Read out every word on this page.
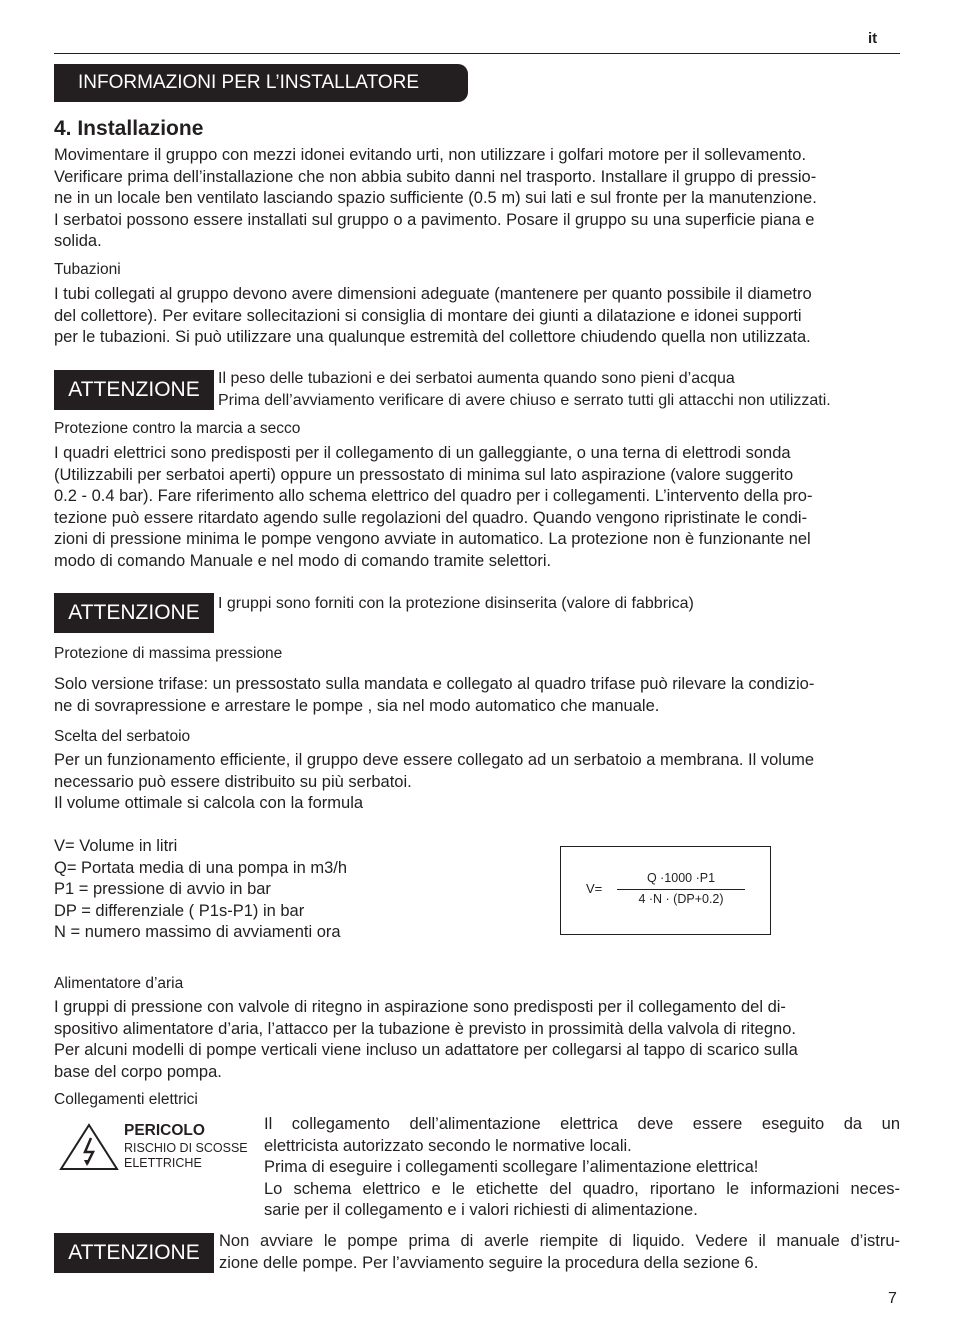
it
INFORMAZIONI PER L’INSTALLATORE
4. Installazione

Movimentare il gruppo con mezzi idonei evitando urti, non utilizzare i golfari motore per il sollevamento.

Verificare prima dell’installazione che non abbia subito danni nel trasporto. Installare il gruppo di pressio-

ne in un locale ben ventilato lasciando spazio sufficiente (0.5 m) sui lati e sul fronte per la manutenzione.

I serbatoi possono essere installati sul gruppo o a pavimento. Posare il gruppo su una superficie piana e

solida.

Tubazioni

I tubi collegati al gruppo devono avere dimensioni adeguate (mantenere per quanto possibile il diametro

del collettore). Per evitare sollecitazioni si consiglia di montare dei giunti a dilatazione e idonei supporti

per le tubazioni. Si può utilizzare una qualunque estremità del collettore chiudendo quella non utilizzata.

ATTENZIONE	Il peso delle tubazioni e dei serbatoi aumenta quando sono pieni d’acqua

Prima dell’avviamento verificare di avere chiuso e serrato tutti gli attacchi non utilizzati.

Protezione contro la marcia a secco

I quadri elettrici sono predisposti per il collegamento di un galleggiante, o una terna di elettrodi sonda

(Utilizzabili per serbatoi aperti) oppure un pressostato di minima sul lato aspirazione (valore suggerito

0.2 - 0.4 bar). Fare riferimento allo schema elettrico del quadro per i collegamenti. L’intervento della pro-

tezione può essere ritardato agendo sulle regolazioni del quadro. Quando vengono ripristinate le condi-

zioni di pressione minima le pompe vengono avviate in automatico. La protezione non è funzionante nel

modo di comando Manuale e nel modo di comando tramite selettori.

ATTENZIONE	I gruppi sono forniti con la protezione disinserita (valore di fabbrica)
Protezione di massima pressione

Solo versione trifase: un pressostato sulla mandata e collegato al quadro trifase può rilevare la condizio-

ne di sovrapressione e arrestare le pompe , sia nel modo automatico che manuale.

Scelta del serbatoio

Per un funzionamento efficiente, il gruppo deve essere collegato ad un serbatoio a membrana. Il volume

necessario può essere distribuito su più serbatoi.

Il volume ottimale si calcola con la formula

V= Volume in litri

Q= Portata media di una pompa in m3/h

P1 = pressione di avvio in bar

DP = differenziale ( P1s-P1) in bar

N = numero massimo di avviamenti ora

V=
Q ·1000 ·P1
4 ·N · (DP+0.2)
Alimentatore d’aria

I gruppi di pressione con valvole di ritegno in aspirazione sono predisposti per il collegamento del di-

spositivo alimentatore d’aria, l’attacco per la tubazione è previsto in prossimità della valvola di ritegno.

Per alcuni modelli di pompe verticali viene incluso un adattatore per collegarsi al tappo di scarico sulla

base del corpo pompa.

Collegamenti elettrici
PERICOLO

RISCHIO DI SCOSSE

ELETTRICHE

Il collegamento dell’alimentazione elettrica deve essere eseguito da un

elettricista autorizzato secondo le normative locali.

Prima di eseguire i collegamenti scollegare l’alimentazione elettrica!

Lo schema elettrico e le etichette del quadro, riportano le informazioni neces-

sarie per il collegamento e i valori richiesti di alimentazione.

ATTENZIONE	Non avviare le pompe prima di averle riempite di liquido. Vedere il manuale d’istru-

zione delle pompe. Per l’avviamento seguire la procedura della sezione 6.

7
